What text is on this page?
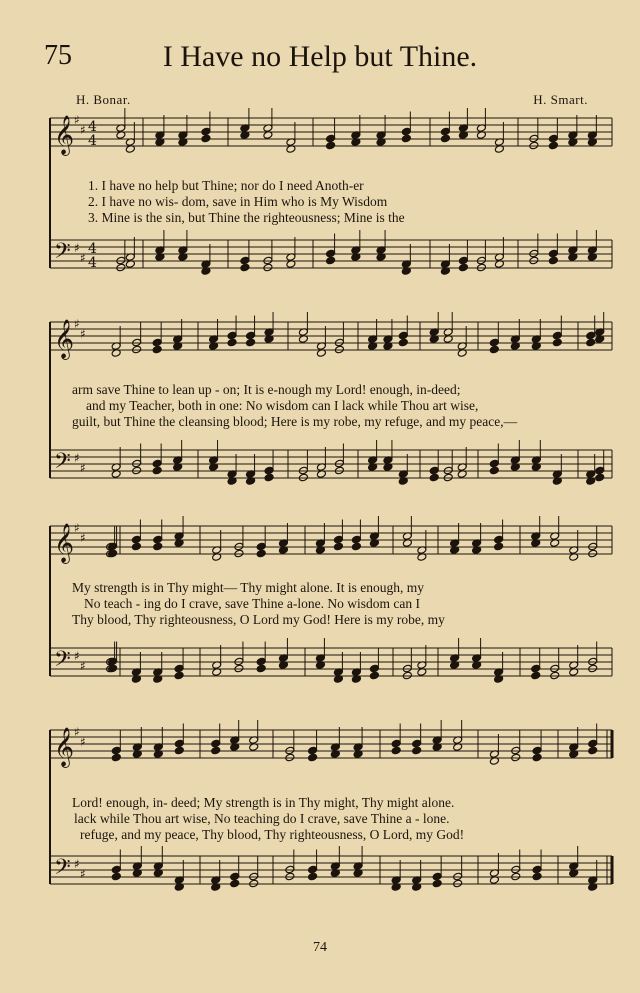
75	I Have no Help but Thine.
H. Bonar.	H. Smart.
𝄞
𝄢
♯
♯
♯
♯
4
4
4
4
𝄞
𝄢
♯
♯
♯
♯
𝄞
𝄢
♯
♯
♯
♯
𝄞
𝄢
♯
♯
♯
♯
1. I have no help but Thine; nor do I need Anoth-er
2. I have no wis- dom, save in Him who is My Wisdom
3. Mine is the sin, but Thine the righteousness; Mine is the
arm save Thine to lean up - on; It is e-nough my Lord! enough, in-deed;
and my Teacher, both in one: No wisdom can I lack while Thou art wise,
guilt, but Thine the cleansing blood; Here is my robe, my refuge, and my peace,—
My strength is in Thy might— Thy might alone. It is enough, my
No teach - ing do I crave, save Thine a-lone. No wisdom can I
Thy blood, Thy righteousness, O Lord my God! Here is my robe, my
Lord! enough, in- deed; My strength is in Thy might, Thy might alone.
lack while Thou art wise, No teaching do I crave, save Thine a - lone.
refuge, and my peace, Thy blood, Thy righteousness, O Lord, my God!
74
